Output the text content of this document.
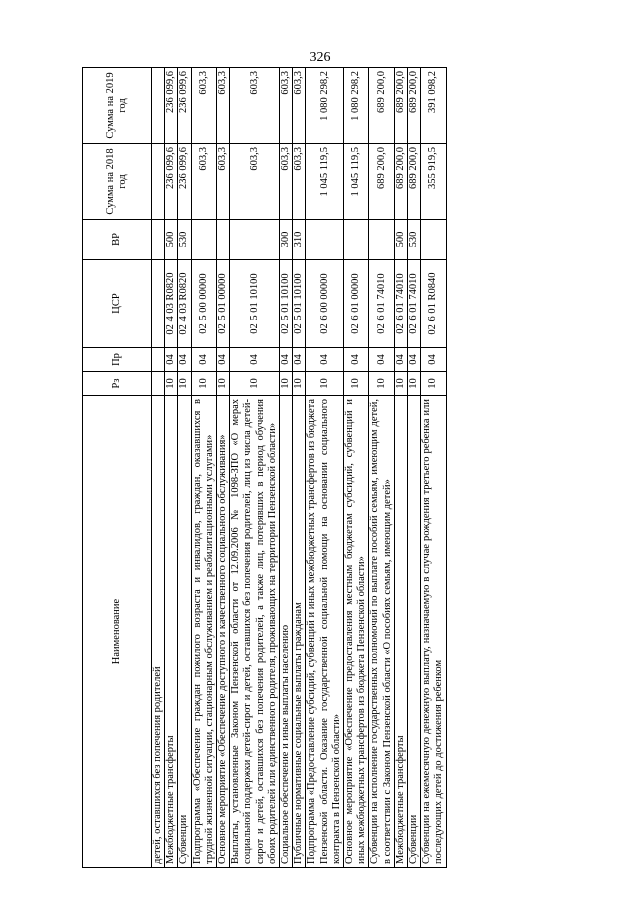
326
Наименование	Рз	Пр	ЦСР	ВР	Сумма на 2018 год	Сумма на 2019 год
детей, оставшихся без попечения родителей						
Межбюджетные трансферты	10	04	02 4 03 R0820	500	236 099,6	236 099,6
Субвенции	10	04	02 4 03 R0820	530	236 099,6	236 099,6
Подпрограмма «Обеспечение граждан пожилого возраста и инвалидов, граждан, оказавшихся в трудной жизненной ситуации, стационарным обслуживанием и реабилитационными услугами»	10	04	02 5 00 00000		603,3	603,3
Основное мероприятие «Обеспечение доступного и качественного социального обслуживания»	10	04	02 5 01 00000		603,3	603,3
Выплаты, установленные Законом Пензенской области от 12.09.2006 № 1098-ЗПО «О мерах социальной поддержки детей-сирот и детей, оставшихся без попечения родителей, лиц из числа детей-сирот и детей, оставшихся без попечения родителей, а также лиц, потерявших в период обучения обоих родителей или единственного родителя, проживающих на территории Пензенской области»	10	04	02 5 01 10100		603,3	603,3
Социальное обеспечение и иные выплаты населению	10	04	02 5 01 10100	300	603,3	603,3
Публичные нормативные социальные выплаты гражданам	10	04	02 5 01 10100	310	603,3	603,3
Подпрограмма «Предоставление субсидий, субвенций и иных межбюджетных трансфертов из бюджета Пензенской области. Оказание государственной социальной помощи на основании социального контракта в Пензенской области»	10	04	02 6 00 00000		1 045 119,5	1 080 298,2
Основное мероприятие «Обеспечение предоставления местным бюджетам субсидий, субвенций и иных межбюджетных трансфертов из бюджета Пензенской области»	10	04	02 6 01 00000		1 045 119,5	1 080 298,2
Субвенции на исполнение государственных полномочий по выплате пособий семьям, имеющим детей, в соответствии с Законом Пензенской области «О пособиях семьям, имеющим детей»	10	04	02 6 01 74010		689 200,0	689 200,0
Межбюджетные трансферты	10	04	02 6 01 74010	500	689 200,0	689 200,0
Субвенции	10	04	02 6 01 74010	530	689 200,0	689 200,0
Субвенции на ежемесячную денежную выплату, назначаемую в случае рождения третьего ребенка или последующих детей до достижения ребенком	10	04	02 6 01 R0840		355 919,5	391 098,2
